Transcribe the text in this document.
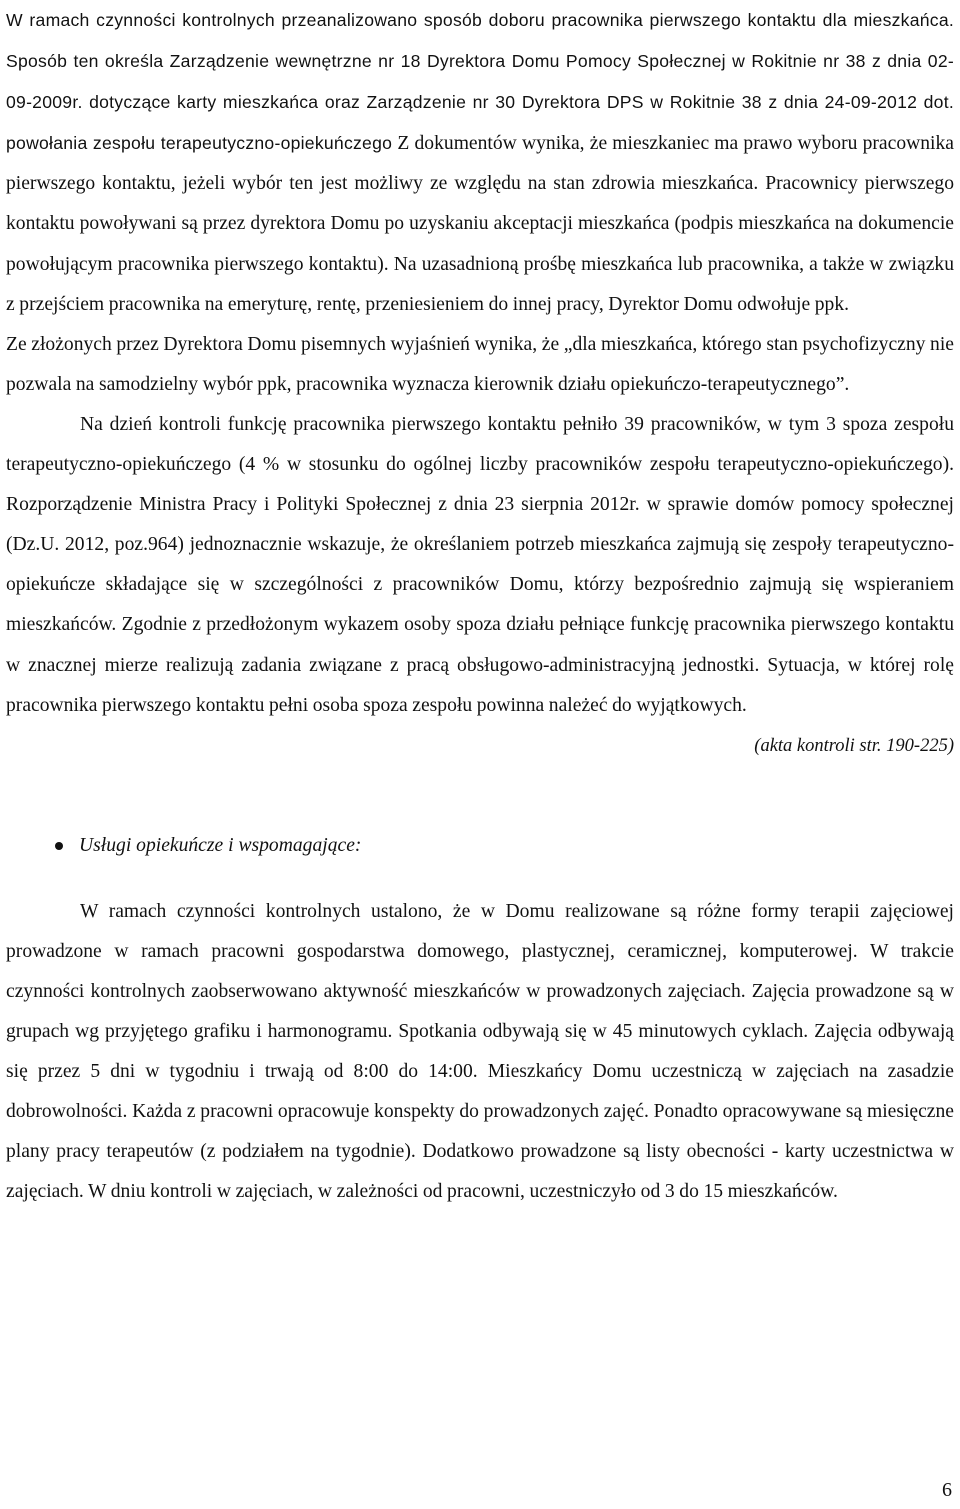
W ramach czynności kontrolnych przeanalizowano sposób doboru pracownika pierwszego kontaktu dla mieszkańca. Sposób ten określa Zarządzenie wewnętrzne nr 18 Dyrektora Domu Pomocy Społecznej w Rokitnie nr 38 z dnia 02-09-2009r. dotyczące karty mieszkańca oraz Zarządzenie nr 30 Dyrektora DPS w Rokitnie 38 z dnia 24-09-2012 dot. powołania zespołu terapeutyczno-opiekuńczego Z dokumentów wynika, że mieszkaniec ma prawo wyboru pracownika pierwszego kontaktu, jeżeli wybór ten jest możliwy ze względu na stan zdrowia mieszkańca. Pracownicy pierwszego kontaktu powoływani są przez dyrektora Domu po uzyskaniu akceptacji mieszkańca (podpis mieszkańca na dokumencie powołującym pracownika pierwszego kontaktu). Na uzasadnioną prośbę mieszkańca lub pracownika, a także w związku z przejściem pracownika na emeryturę, rentę, przeniesieniem do innej pracy, Dyrektor Domu odwołuje ppk.

Ze złożonych przez Dyrektora Domu pisemnych wyjaśnień wynika, że „dla mieszkańca, którego stan psychofizyczny nie pozwala na samodzielny wybór ppk, pracownika wyznacza kierownik działu opiekuńczo-terapeutycznego”.

Na dzień kontroli funkcję pracownika pierwszego kontaktu pełniło 39 pracowników, w tym 3 spoza zespołu terapeutyczno-opiekuńczego (4 % w stosunku do ogólnej liczby pracowników zespołu terapeutyczno-opiekuńczego). Rozporządzenie Ministra Pracy i Polityki Społecznej z dnia 23 sierpnia 2012r. w sprawie domów pomocy społecznej (Dz.U. 2012, poz.964) jednoznacznie wskazuje, że określaniem potrzeb mieszkańca zajmują się zespoły terapeutyczno-opiekuńcze składające się w szczególności z pracowników Domu, którzy bezpośrednio zajmują się wspieraniem mieszkańców. Zgodnie z przedłożonym wykazem osoby spoza działu pełniące funkcję pracownika pierwszego kontaktu w znacznej mierze realizują zadania związane z pracą obsługowo-administracyjną jednostki. Sytuacja, w której rolę pracownika pierwszego kontaktu pełni osoba spoza zespołu powinna należeć do wyjątkowych.

(akta kontroli str. 190-225)

Usługi opiekuńcze i wspomagające:

W ramach czynności kontrolnych ustalono, że w Domu realizowane są różne formy terapii zajęciowej prowadzone w ramach pracowni gospodarstwa domowego, plastycznej, ceramicznej, komputerowej. W trakcie czynności kontrolnych zaobserwowano aktywność mieszkańców w prowadzonych zajęciach. Zajęcia prowadzone są w grupach wg przyjętego grafiku i harmonogramu. Spotkania odbywają się w 45 minutowych cyklach. Zajęcia odbywają się przez 5 dni w tygodniu i trwają od 8:00 do 14:00. Mieszkańcy Domu uczestniczą w zajęciach na zasadzie dobrowolności. Każda z pracowni opracowuje konspekty do prowadzonych zajęć. Ponadto opracowywane są miesięczne plany pracy terapeutów (z podziałem na tygodnie). Dodatkowo prowadzone są listy obecności - karty uczestnictwa w zajęciach. W dniu kontroli w zajęciach, w zależności od pracowni, uczestniczyło od 3 do 15 mieszkańców.

6
